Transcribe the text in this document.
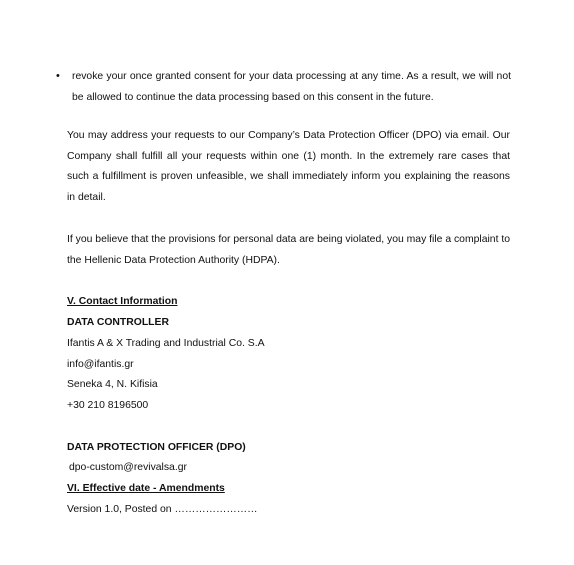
• revoke your once granted consent for your data processing at any time. As a result, we will not be allowed to continue the data processing based on this consent in the future.

You may address your requests to our Company’s Data Protection Officer (DPO) via email. Our Company shall fulfill all your requests within one (1) month. In the extremely rare cases that such a fulfillment is proven unfeasible, we shall immediately inform you explaining the reasons in detail.

If you believe that the provisions for personal data are being violated, you may file a complaint to the Hellenic Data Protection Authority (HDPA).

V. Contact Information

DATA CONTROLLER

Ifantis A & X Trading and Industrial Co. S.A

info@ifantis.gr

Seneka 4, N. Kifisia

+30 210 8196500

DATA PROTECTION OFFICER (DPO)

dpo-custom@revivalsa.gr

VI. Effective date - Amendments

Version 1.0, Posted on ……………………
